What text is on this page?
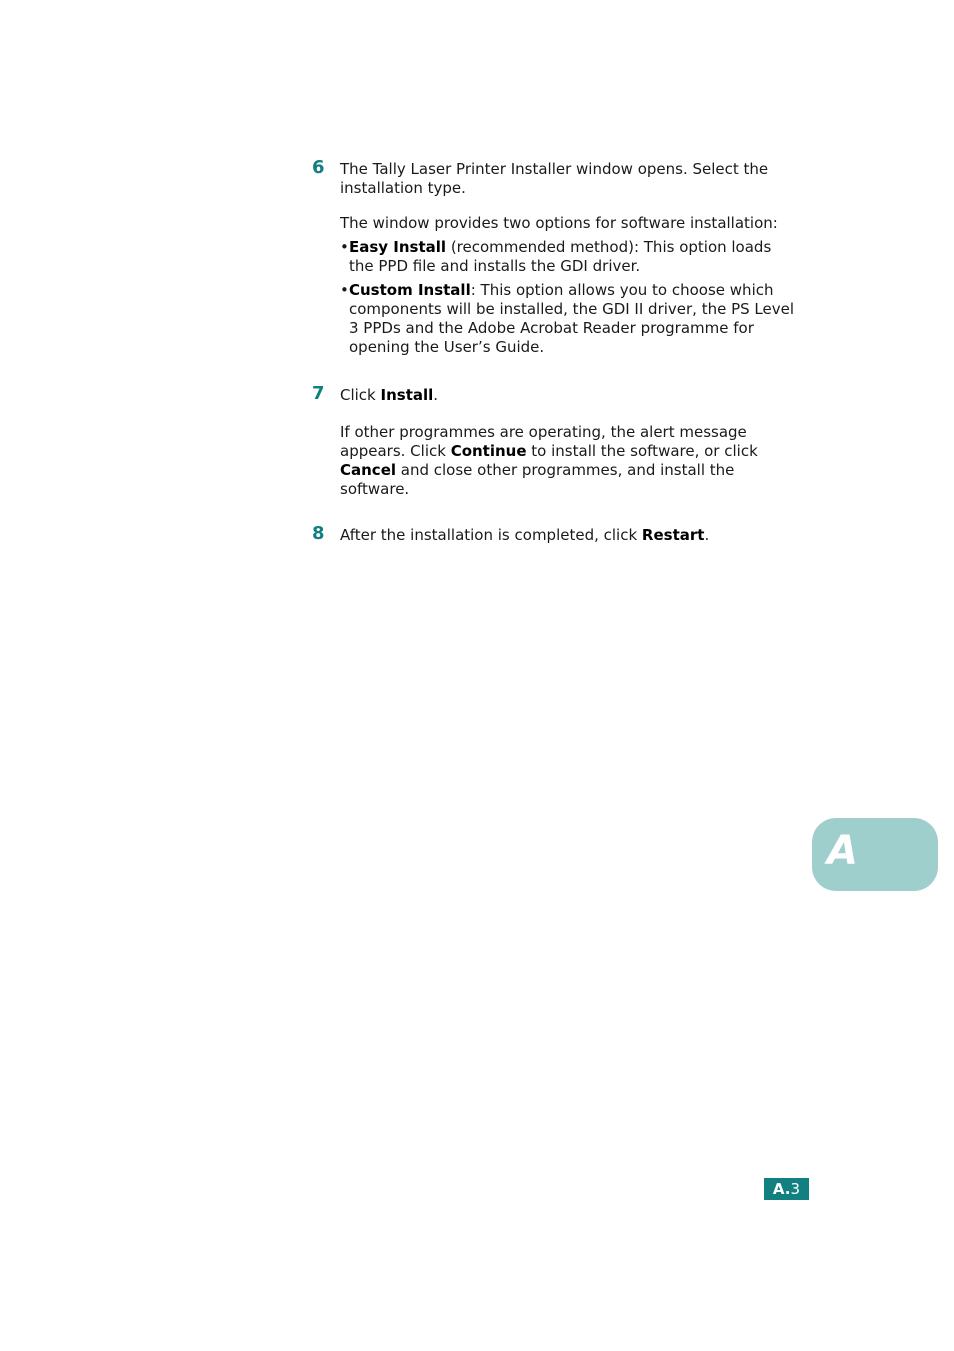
6 The Tally Laser Printer Installer window opens. Select the installation type.

The window provides two options for software installation:

• Easy Install (recommended method): This option loads the PPD file and installs the GDI driver.

• Custom Install: This option allows you to choose which components will be installed, the GDI II driver, the PS Level 3 PPDs and the Adobe Acrobat Reader programme for opening the User’s Guide.

7 Click Install.

If other programmes are operating, the alert message appears. Click Continue to install the software, or click Cancel and close other programmes, and install the software.

8 After the installation is completed, click Restart.

A
A.3
